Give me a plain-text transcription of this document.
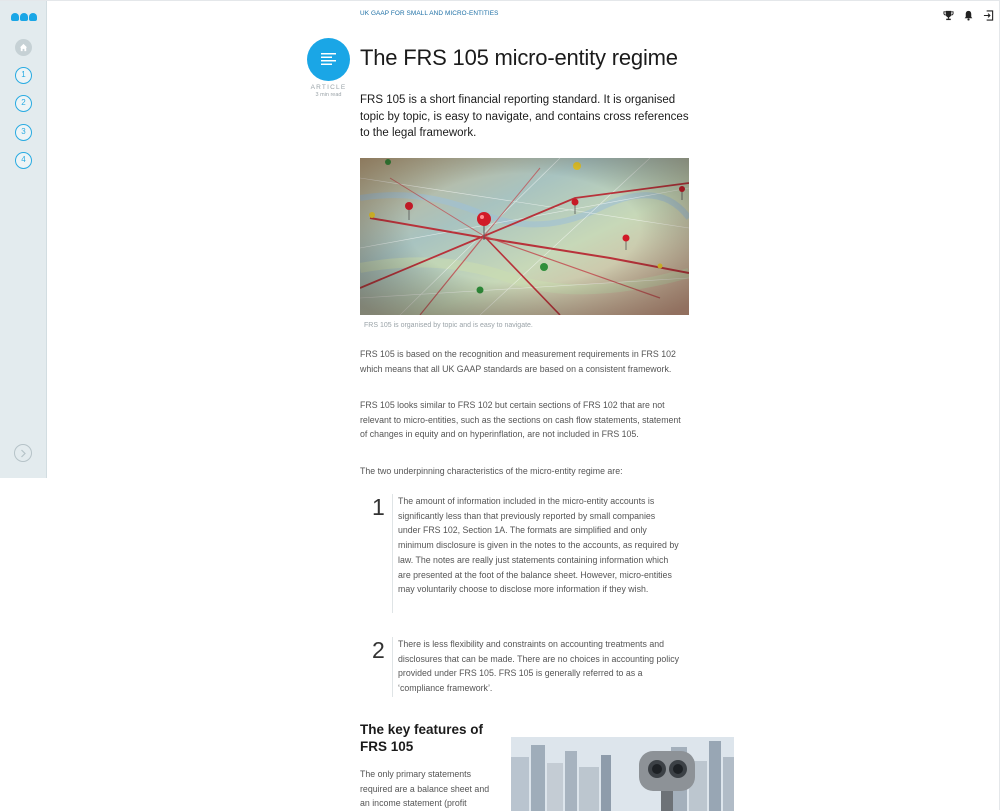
1
2
3
4
UK GAAP FOR SMALL AND MICRO-ENTITIES
ARTICLE
3 min read
The FRS 105 micro-entity regime

FRS 105 is a short financial reporting standard. It is organised topic by topic, is easy to navigate, and contains cross references to the legal framework.

FRS 105 is organised by topic and is easy to navigate.

FRS 105 is based on the recognition and measurement requirements in FRS 102 which means that all UK GAAP standards are based on a consistent framework.

FRS 105 looks similar to FRS 102 but certain sections of FRS 102 that are not relevant to micro-entities, such as the sections on cash flow statements, statement of changes in equity and on hyperinflation, are not included in FRS 105.

The two underpinning characteristics of the micro-entity regime are:

1 The amount of information included in the micro-entity accounts is significantly less than that previously reported by small companies under FRS 102, Section 1A. The formats are simplified and only minimum disclosure is given in the notes to the accounts, as required by law. The notes are really just statements containing information which are presented at the foot of the balance sheet. However, micro-entities may voluntarily choose to disclose more information if they wish.
2 There is less flexibility and constraints on accounting treatments and disclosures that can be made. There are no choices in accounting policy provided under FRS 105. FRS 105 is generally referred to as a ‘compliance framework’.
The key features of FRS 105

The only primary statements required are a balance sheet and an income statement (profit
